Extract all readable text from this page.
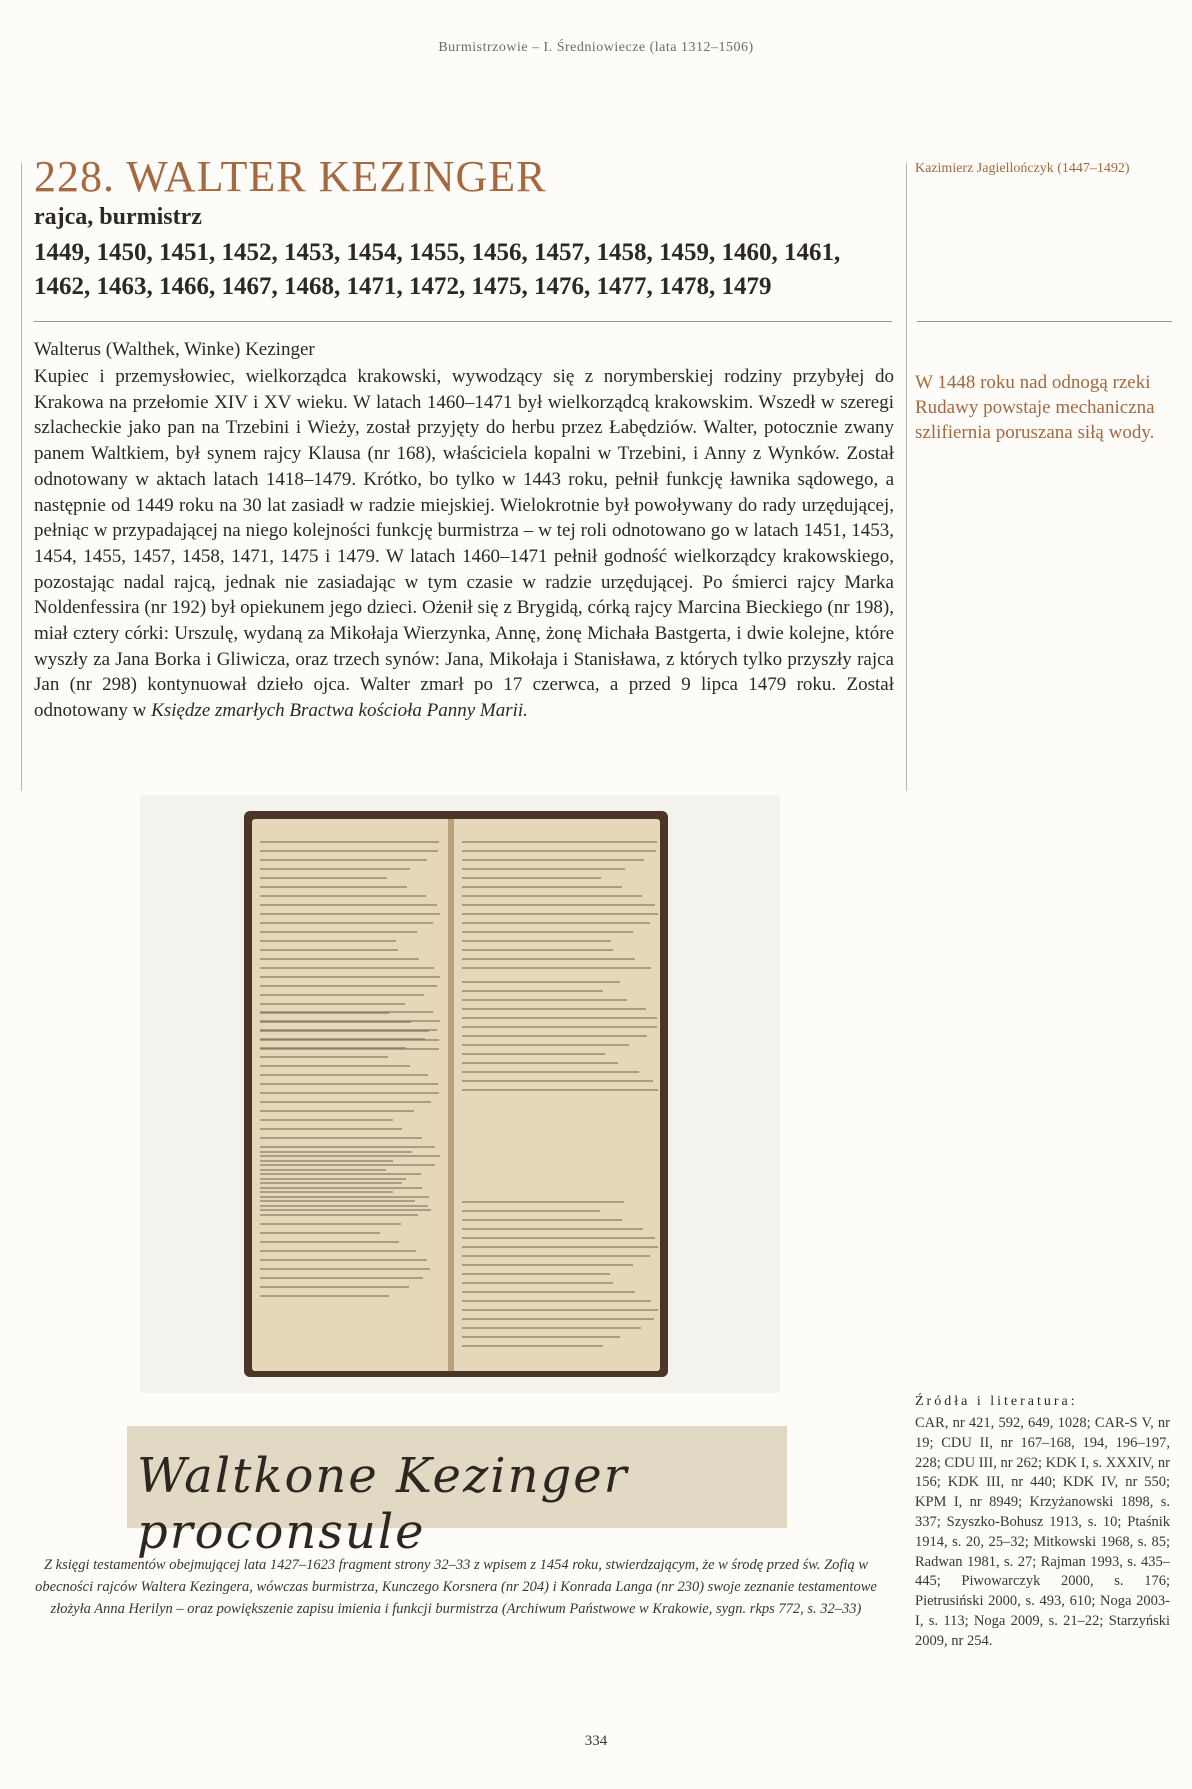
Burmistrzowie – I. Średniowiecze (lata 1312–1506)
228. WALTER KEZINGER
rajca, burmistrz
1449, 1450, 1451, 1452, 1453, 1454, 1455, 1456, 1457, 1458, 1459, 1460, 1461,
1462, 1463, 1466, 1467, 1468, 1471, 1472, 1475, 1476, 1477, 1478, 1479
Walterus (Walthek, Winke) Kezinger

Kupiec i przemysłowiec, wielkorządca krakowski, wywodzący się z norymberskiej rodziny przybyłej do Krakowa na przełomie XIV i XV wieku. W latach 1460–1471 był wielkorządcą krakowskim. Wszedł w szeregi szlacheckie jako pan na Trzebini i Wieży, został przyjęty do herbu przez Łabędziów. Walter, potocznie zwany panem Waltkiem, był synem rajcy Klausa (nr 168), właściciela kopalni w Trzebini, i Anny z Wynków. Został odnotowany w aktach latach 1418–1479. Krótko, bo tylko w 1443 roku, pełnił funkcję ławnika sądowego, a następnie od 1449 roku na 30 lat zasiadł w radzie miejskiej. Wielokrotnie był powoływany do rady urzędującej, pełniąc w przypadającej na niego kolejności funkcję burmistrza – w tej roli odnotowano go w latach 1451, 1453, 1454, 1455, 1457, 1458, 1471, 1475 i 1479. W latach 1460–1471 pełnił godność wielkorządcy krakowskiego, pozostając nadal rajcą, jednak nie zasiadając w tym czasie w radzie urzędującej. Po śmierci rajcy Marka Noldenfessira (nr 192) był opiekunem jego dzieci. Ożenił się z Brygidą, córką rajcy Marcina Bieckiego (nr 198), miał cztery córki: Urszulę, wydaną za Mikołaja Wierzynka, Annę, żonę Michała Bastgerta, i dwie kolejne, które wyszły za Jana Borka i Gliwicza, oraz trzech synów: Jana, Mikołaja i Stanisława, z których tylko przyszły rajca Jan (nr 298) kontynuował dzieło ojca. Walter zmarł po 17 czerwca, a przed 9 lipca 1479 roku. Został odnotowany w Księdze zmarłych Bractwa kościoła Panny Marii.

Kazimierz Jagiellończyk (1447–1492)
W 1448 roku nad odnogą rzeki Rudawy powstaje mechaniczna szlifiernia poruszana siłą wody.
Waltkone Kezinger proconsule
Z księgi testamentów obejmującej lata 1427–1623 fragment strony 32–33 z wpisem z 1454 roku, stwierdzającym, że w środę przed św. Zofią w obecności rajców Waltera Kezingera, wówczas burmistrza, Kunczego Korsnera (nr 204) i Konrada Langa (nr 230) swoje zeznanie testamentowe złożyła Anna Herilyn – oraz powiększenie zapisu imienia i funkcji burmistrza (Archiwum Państwowe w Krakowie, sygn. rkps 772, s. 32–33)
Źródła i literatura:
CAR, nr 421, 592, 649, 1028; CAR-S V, nr 19; CDU II, nr 167–168, 194, 196–197, 228; CDU III, nr 262; KDK I, s. XXXIV, nr 156; KDK III, nr 440; KDK IV, nr 550; KPM I, nr 8949; Krzyżanowski 1898, s. 337; Szyszko-Bohusz 1913, s. 10; Ptaśnik 1914, s. 20, 25–32; Mitkowski 1968, s. 85; Radwan 1981, s. 27; Rajman 1993, s. 435–445; Piwowarczyk 2000, s. 176; Pietrusiński 2000, s. 493, 610; Noga 2003-I, s. 113; Noga 2009, s. 21–22; Starzyński 2009, nr 254.
334
